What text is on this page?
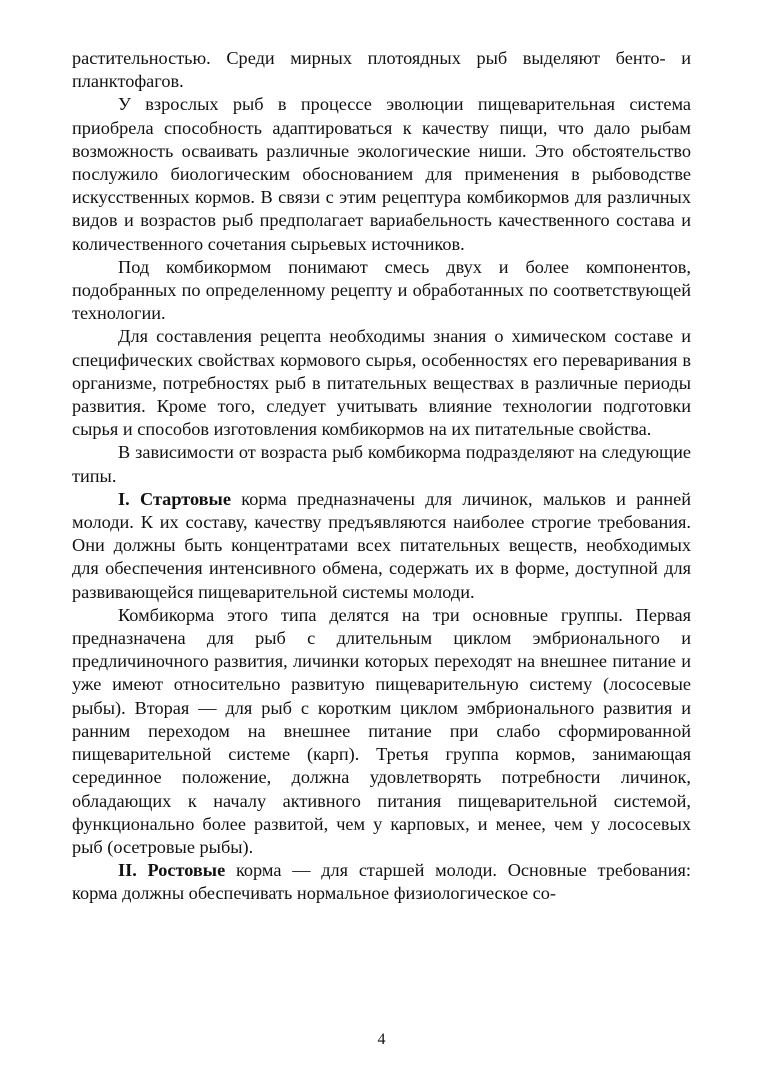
растительностью. Среди мирных плотоядных рыб выделяют бенто- и планктофагов.

У взрослых рыб в процессе эволюции пищеварительная система приобрела способность адаптироваться к качеству пищи, что дало рыбам возможность осваивать различные экологические ниши. Это обстоятельство послужило биологическим обоснованием для применения в рыбоводстве искусственных кормов. В связи с этим рецептура комбикормов для различных видов и возрастов рыб предполагает вариабельность качественного состава и количественного сочетания сырьевых источников.

Под комбикормом понимают смесь двух и более компонентов, подобранных по определенному рецепту и обработанных по соответствующей технологии.

Для составления рецепта необходимы знания о химическом составе и специфических свойствах кормового сырья, особенностях его переваривания в организме, потребностях рыб в питательных веществах в различные периоды развития. Кроме того, следует учитывать влияние технологии подготовки сырья и способов изготовления комбикормов на их питательные свойства.

В зависимости от возраста рыб комбикорма подразделяют на следующие типы.

I. Стартовые корма предназначены для личинок, мальков и ранней молоди. К их составу, качеству предъявляются наиболее строгие требования. Они должны быть концентратами всех питательных веществ, необходимых для обеспечения интенсивного обмена, содержать их в форме, доступной для развивающейся пищеварительной системы молоди.

Комбикорма этого типа делятся на три основные группы. Первая предназначена для рыб с длительным циклом эмбрионального и предличиночного развития, личинки которых переходят на внешнее питание и уже имеют относительно развитую пищеварительную систему (лососевые рыбы). Вторая — для рыб с коротким циклом эмбрионального развития и ранним переходом на внешнее питание при слабо сформированной пищеварительной системе (карп). Третья группа кормов, занимающая серединное положение, должна удовлетворять потребности личинок, обладающих к началу активного питания пищеварительной системой, функционально более развитой, чем у карповых, и менее, чем у лососевых рыб (осетровые рыбы).

II. Ростовые корма — для старшей молоди. Основные требования: корма должны обеспечивать нормальное физиологическое со-

4
